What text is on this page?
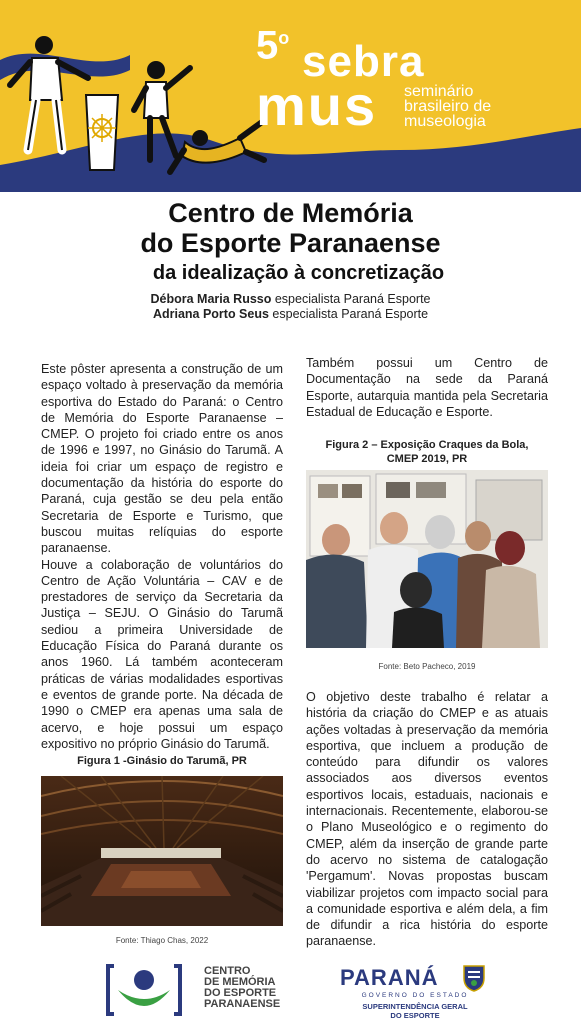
5$^o$ sebra
mus seminário
brasileiro de
museologia
Centro de Memória
do Esporte Paranaense
da idealização à concretização
Débora Maria Russo especialista Paraná Esporte
Adriana Porto Seus especialista Paraná Esporte

Este pôster apresenta a construção de um espaço voltado à preservação da memória esportiva do Estado do Paraná: o Centro de Memória do Esporte Paranaense – CMEP. O projeto foi criado entre os anos de 1996 e 1997, no Ginásio do Tarumã. A ideia foi criar um espaço de registro e documentação da história do esporte do Paraná, cuja gestão se deu pela então Secretaria de Esporte e Turismo, que buscou muitas relíquias do esporte paranaense.

Houve a colaboração de voluntários do Centro de Ação Voluntária – CAV e de prestadores de serviço da Secretaria da Justiça – SEJU. O Ginásio do Tarumã sediou a primeira Universidade de Educação Física do Paraná durante os anos 1960. Lá também aconteceram práticas de várias modalidades esportivas e eventos de grande porte. Na década de 1990 o CMEP era apenas uma sala de acervo, e hoje possui um espaço expositivo no próprio Ginásio do Tarumã.

Figura 1 -Ginásio do Tarumã, PR
Fonte: Thiago Chas, 2022
Também possui um Centro de Documentação na sede da Paraná Esporte, autarquia mantida pela Secretaria Estadual de Educação e Esporte.
Figura 2 – Exposição Craques da Bola,
CMEP 2019, PR
Fonte: Beto Pacheco, 2019
O objetivo deste trabalho é relatar a história da criação do CMEP e as atuais ações voltadas à preservação da memória esportiva, que incluem a produção de conteúdo para difundir os valores associados aos diversos eventos esportivos locais, estaduais, nacionais e internacionais. Recentemente, elaborou-se o Plano Museológico e o regimento do CMEP, além da inserção de grande parte do acervo no sistema de catalogação 'Pergamum'. Novas propostas buscam viabilizar projetos com impacto social para a comunidade esportiva e além dela, a fim de difundir a rica história do esporte paranaense.
CENTRO
DE MEMÓRIA
DO ESPORTE
PARANAENSE
PARANÁ
GOVERNO DO ESTADO
SUPERINTENDÊNCIA GERAL
DO ESPORTE
